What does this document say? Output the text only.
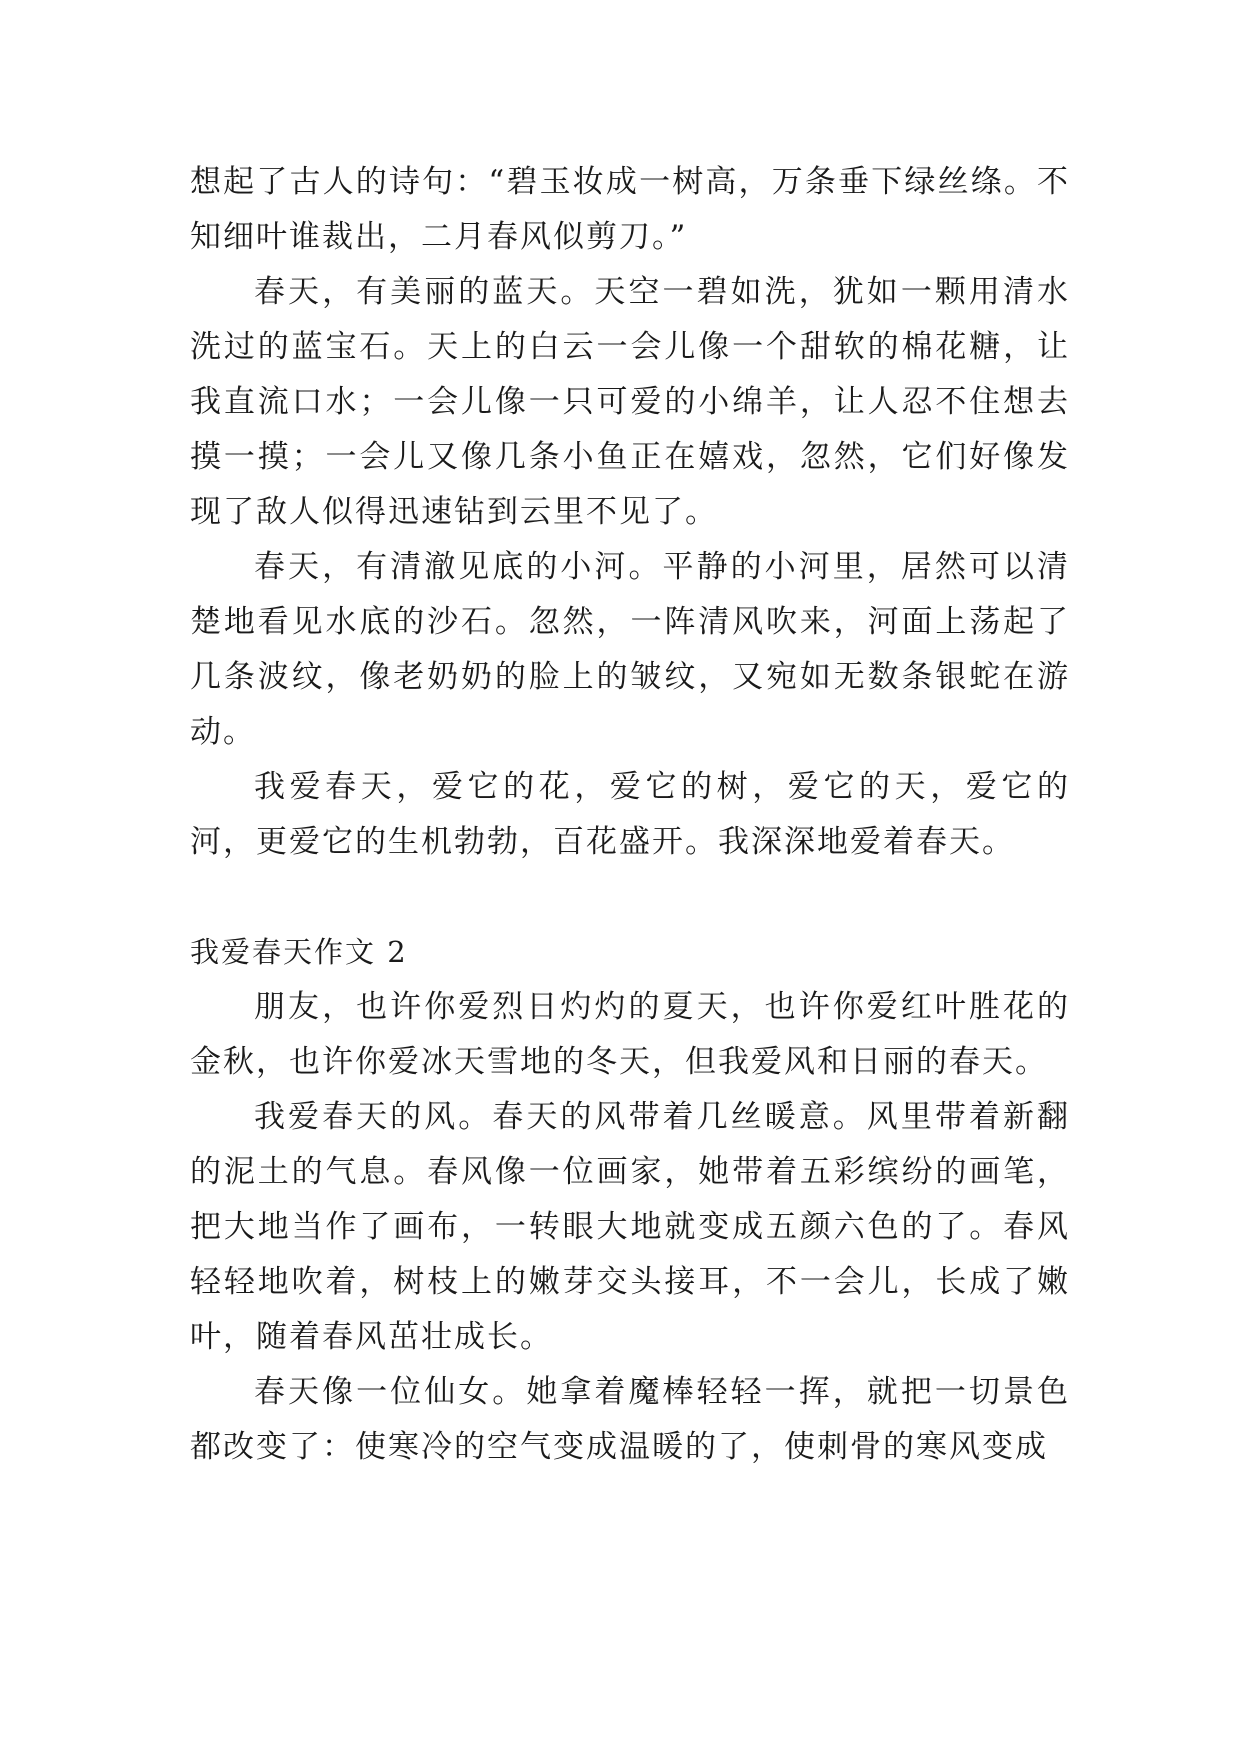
想起了古人的诗句：“碧玉妆成一树高，万条垂下绿丝绦。不知细叶谁裁出，二月春风似剪刀。”

春天，有美丽的蓝天。天空一碧如洗，犹如一颗用清水洗过的蓝宝石。天上的白云一会儿像一个甜软的棉花糖，让我直流口水；一会儿像一只可爱的小绵羊，让人忍不住想去摸一摸；一会儿又像几条小鱼正在嬉戏，忽然，它们好像发现了敌人似得迅速钻到云里不见了。

春天，有清澈见底的小河。平静的小河里，居然可以清楚地看见水底的沙石。忽然，一阵清风吹来，河面上荡起了几条波纹，像老奶奶的脸上的皱纹，又宛如无数条银蛇在游动。

我爱春天，爱它的花，爱它的树，爱它的天，爱它的河，更爱它的生机勃勃，百花盛开。我深深地爱着春天。

我爱春天作文 2

朋友，也许你爱烈日灼灼的夏天，也许你爱红叶胜花的金秋，也许你爱冰天雪地的冬天，但我爱风和日丽的春天。

我爱春天的风。春天的风带着几丝暖意。风里带着新翻的泥土的气息。春风像一位画家，她带着五彩缤纷的画笔，把大地当作了画布，一转眼大地就变成五颜六色的了。春风轻轻地吹着，树枝上的嫩芽交头接耳，不一会儿，长成了嫩叶，随着春风茁壮成长。

春天像一位仙女。她拿着魔棒轻轻一挥，就把一切景色都改变了：使寒冷的空气变成温暖的了，使刺骨的寒风变成
